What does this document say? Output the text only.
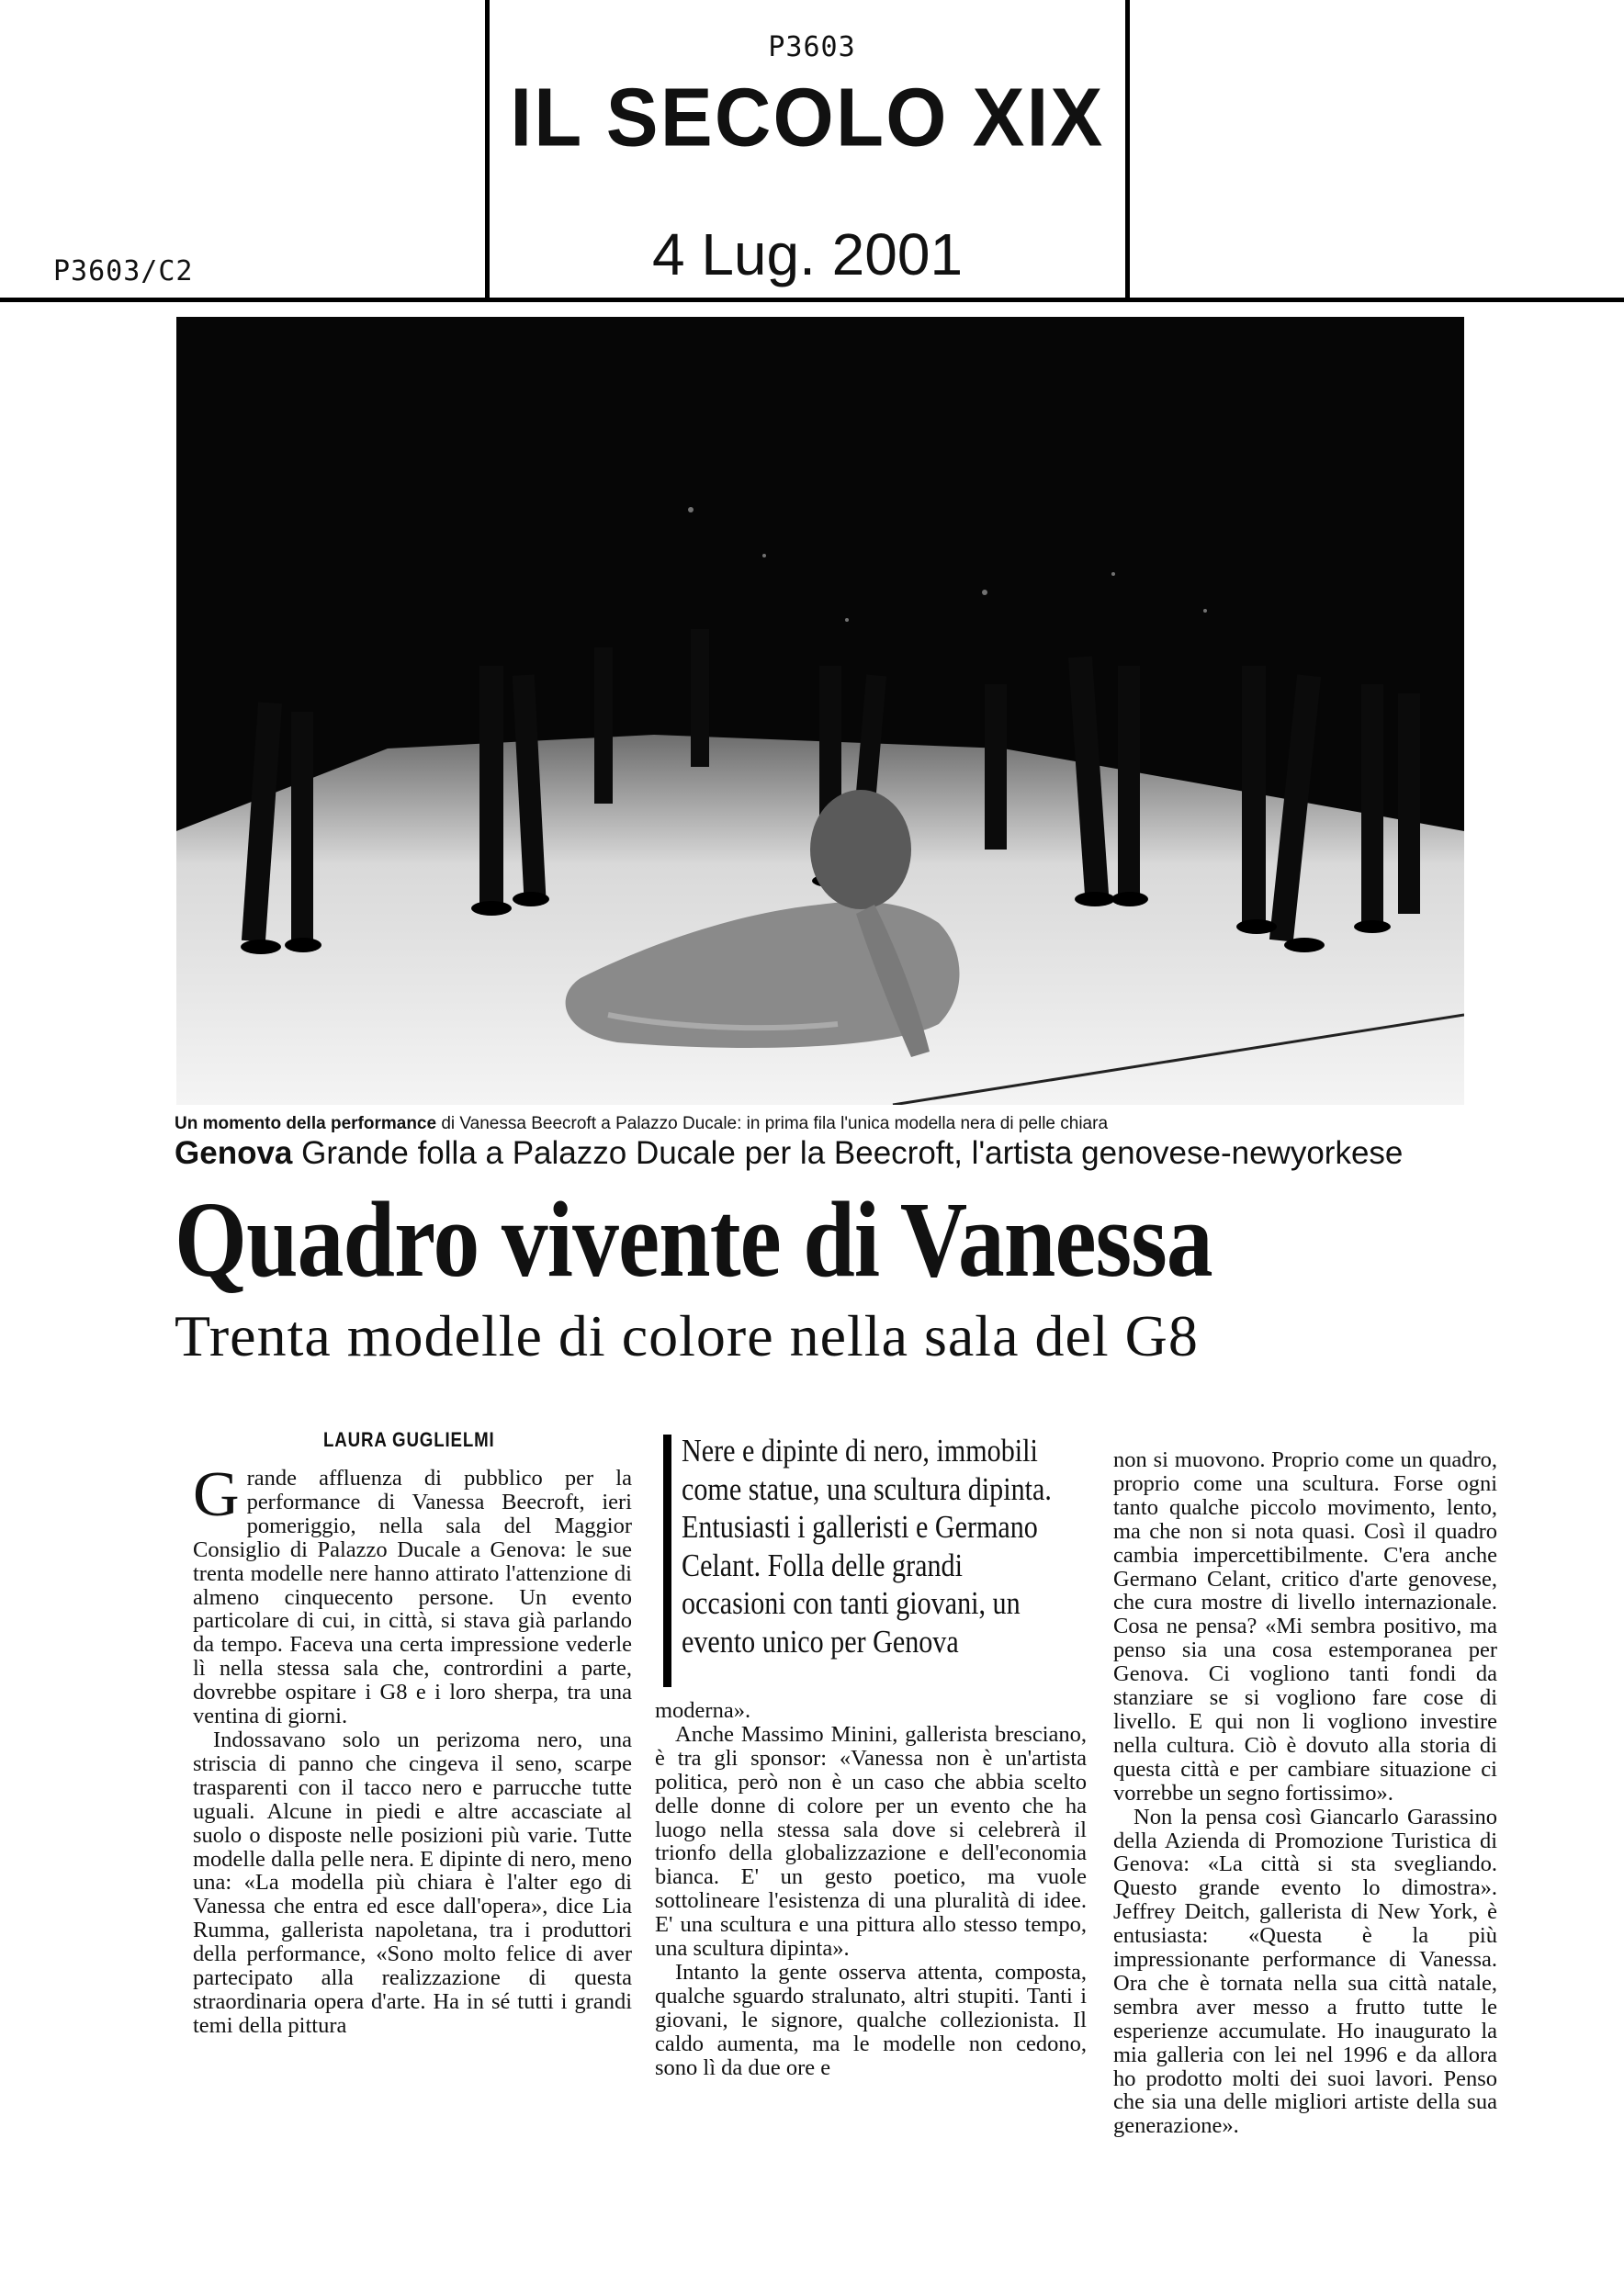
P3603
IL SECOLO XIX
4 Lug. 2001
P3603/C2
Un momento della performance di Vanessa Beecroft a Palazzo Ducale: in prima fila l'unica modella nera di pelle chiara
Genova Grande folla a Palazzo Ducale per la Beecroft, l'artista genovese-newyorkese
Quadro vivente di Vanessa
Trenta modelle di colore nella sala del G8
LAURA GUGLIELMI

Grande affluenza di pubblico per la performance di Vanessa Beecroft, ieri pomeriggio, nella sala del Maggior Consiglio di Palazzo Ducale a Genova: le sue trenta modelle nere hanno attirato l'attenzione di almeno cinquecento persone. Un evento particolare di cui, in città, si stava già parlando da tempo. Faceva una certa impressione vederle lì nella stessa sala che, contrordini a parte, dovrebbe ospitare i G8 e i loro sherpa, tra una ventina di giorni.

Indossavano solo un perizoma nero, una striscia di panno che cingeva il seno, scarpe trasparenti con il tacco nero e parrucche tutte uguali. Alcune in piedi e altre accasciate al suolo o disposte nelle posizioni più varie. Tutte modelle dalla pelle nera. E dipinte di nero, meno una: «La modella più chiara è l'alter ego di Vanessa che entra ed esce dall'opera», dice Lia Rumma, gallerista napoletana, tra i produttori della performance, «Sono molto felice di aver partecipato alla realizzazione di questa straordinaria opera d'arte. Ha in sé tutti i grandi temi della pittura

Nere e dipinte di nero, immobili come statue, una scultura dipinta. Entusiasti i galleristi e Germano Celant. Folla delle grandi occasioni con tanti giovani, un evento unico per Genova

moderna».

Anche Massimo Minini, gallerista bresciano, è tra gli sponsor: «Vanessa non è un'artista politica, però non è un caso che abbia scelto delle donne di colore per un evento che ha luogo nella stessa sala dove si celebrerà il trionfo della globalizzazione e dell'economia bianca. E' un gesto poetico, ma vuole sottolineare l'esistenza di una pluralità di idee. E' una scultura e una pittura allo stesso tempo, una scultura dipinta».

Intanto la gente osserva attenta, composta, qualche sguardo stralunato, altri stupiti. Tanti i giovani, le signore, qualche collezionista. Il caldo aumenta, ma le modelle non cedono, sono lì da due ore e

non si muovono. Proprio come un quadro, proprio come una scultura. Forse ogni tanto qualche piccolo movimento, lento, ma che non si nota quasi. Così il quadro cambia impercettibilmente. C'era anche Germano Celant, critico d'arte genovese, che cura mostre di livello internazionale. Cosa ne pensa? «Mi sembra positivo, ma penso sia una cosa estemporanea per Genova. Ci vogliono tanti fondi da stanziare se si vogliono fare cose di livello. E qui non li vogliono investire nella cultura. Ciò è dovuto alla storia di questa città e per cambiare situazione ci vorrebbe un segno fortissimo».

Non la pensa così Giancarlo Garassino della Azienda di Promozione Turistica di Genova: «La città si sta svegliando. Questo grande evento lo dimostra». Jeffrey Deitch, gallerista di New York, è entusiasta: «Questa è la più impressionante performance di Vanessa. Ora che è tornata nella sua città natale, sembra aver messo a frutto tutte le esperienze accumulate. Ho inaugurato la mia galleria con lei nel 1996 e da allora ho prodotto molti dei suoi lavori. Penso che sia una delle migliori artiste della sua generazione».
